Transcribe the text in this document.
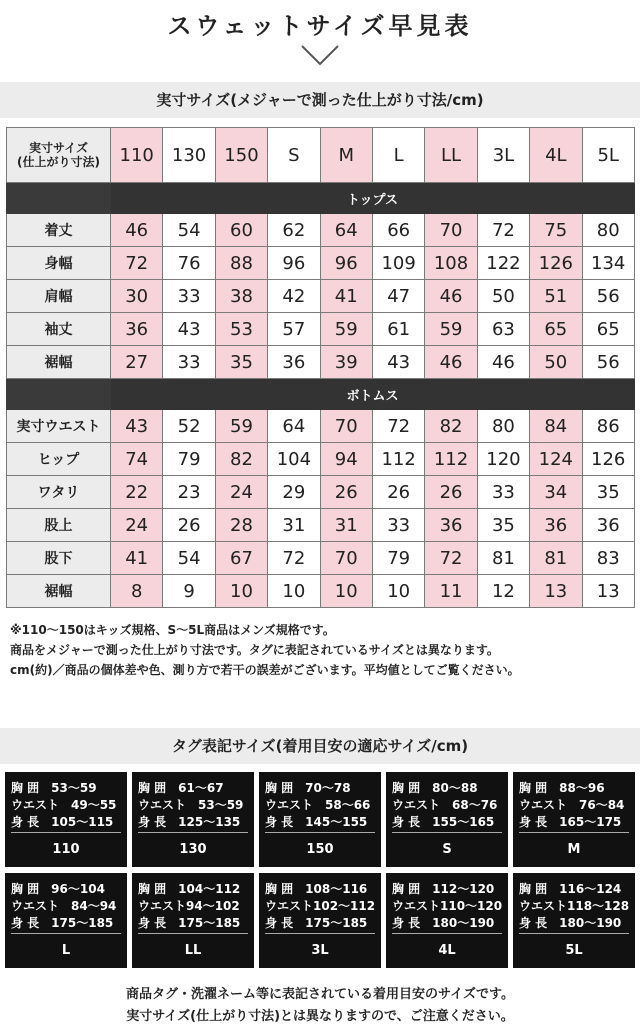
スウェットサイズ早見表
実寸サイズ(メジャーで測った仕上がり寸法/cm)
実寸サイズ
(仕上がり寸法)	110	130	150	S	M	L	LL	3L	4L	5L
	トップス									
着丈	46	54	60	62	64	66	70	72	75	80
身幅	72	76	88	96	96	109	108	122	126	134
肩幅	30	33	38	42	41	47	46	50	51	56
袖丈	36	43	53	57	59	61	59	63	65	65
裾幅	27	33	35	36	39	43	46	46	50	56
	ボトムス									
実寸ウエスト	43	52	59	64	70	72	82	80	84	86
ヒップ	74	79	82	104	94	112	112	120	124	126
ワタリ	22	23	24	29	26	26	26	33	34	35
股上	24	26	28	31	31	33	36	35	36	36
股下	41	54	67	72	70	79	72	81	81	83
裾幅	8	9	10	10	10	10	11	12	13	13
※110〜150はキッズ規格、S〜5L商品はメンズ規格です。
商品をメジャーで測った仕上がり寸法です。タグに表記されているサイズとは異なります。
cm(約)／商品の個体差や色、測り方で若干の誤差がございます。平均値としてご覧ください。
タグ表記サイズ(着用目安の適応サイズ/cm)
胸 囲　53〜59
ウエスト　49〜55
身 長　105〜115
110
胸 囲　61〜67
ウエスト　53〜59
身 長　125〜135
130
胸 囲　70〜78
ウエスト　58〜66
身 長　145〜155
150
胸 囲　80〜88
ウエスト　68〜76
身 長　155〜165
S
胸 囲　88〜96
ウエスト　76〜84
身 長　165〜175
M
胸 囲　96〜104
ウエスト　84〜94
身 長　175〜185
L
胸 囲　104〜112
ウエスト94〜102
身 長　175〜185
LL
胸 囲　108〜116
ウエスト102〜112
身 長　175〜185
3L
胸 囲　112〜120
ウエスト110〜120
身 長　180〜190
4L
胸 囲　116〜124
ウエスト118〜128
身 長　180〜190
5L
商品タグ・洗濯ネーム等に表記されている着用目安のサイズです。
実寸サイズ(仕上がり寸法)とは異なりますので、ご注意ください。
